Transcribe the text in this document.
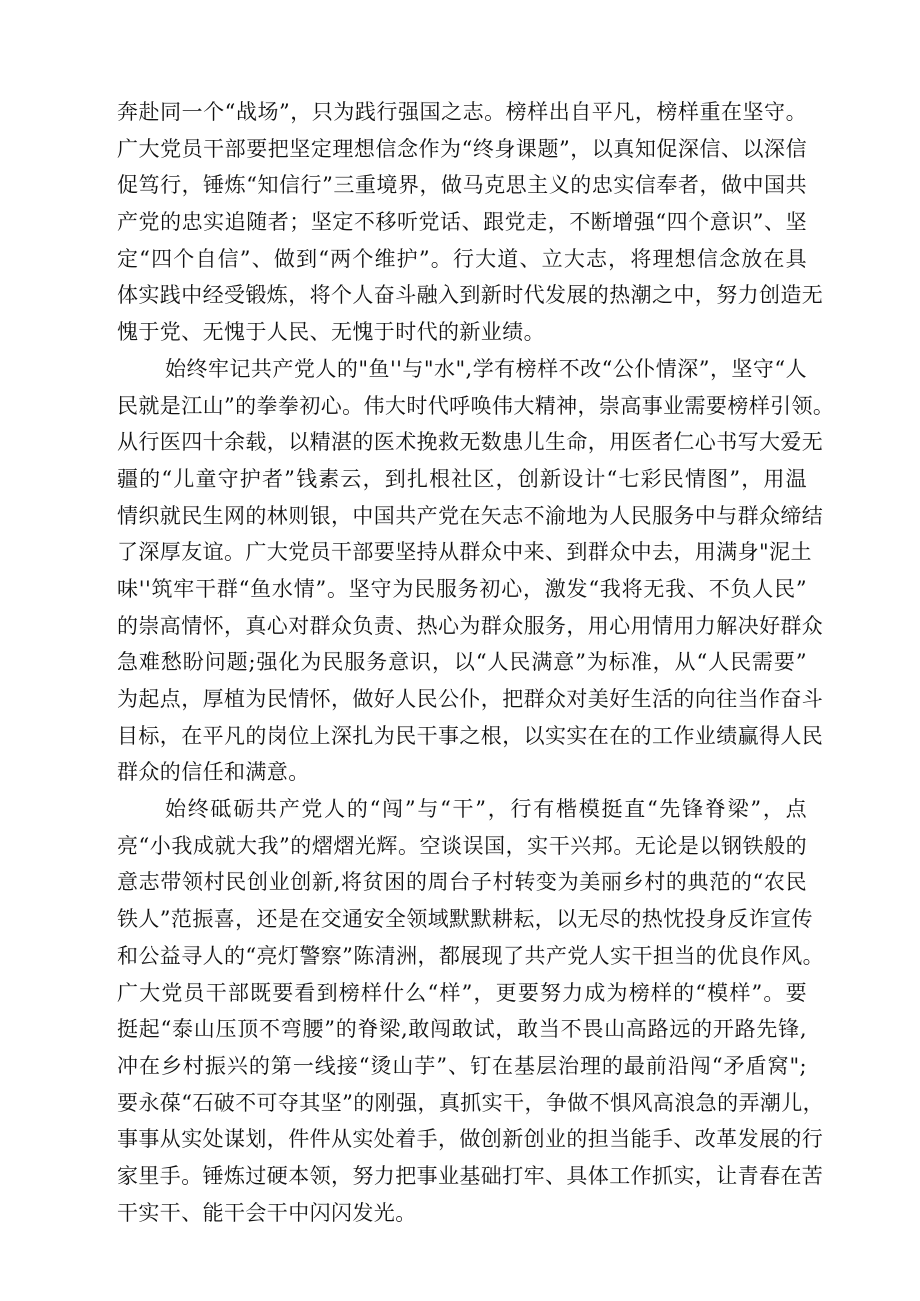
奔赴同一个“战场”，只为践行强国之志。榜样出自平凡，榜样重在坚守。
广大党员干部要把坚定理想信念作为“终身课题”，以真知促深信、以深信
促笃行，锤炼“知信行”三重境界，做马克思主义的忠实信奉者，做中国共
产党的忠实追随者；坚定不移听党话、跟党走，不断增强“四个意识”、坚
定“四个自信”、做到“两个维护”。行大道、立大志，将理想信念放在具
体实践中经受锻炼，将个人奋斗融入到新时代发展的热潮之中，努力创造无
愧于党、无愧于人民、无愧于时代的新业绩。
始终牢记共产党人的"鱼''与"水",学有榜样不改“公仆情深”，坚守“人
民就是江山”的拳拳初心。伟大时代呼唤伟大精神，崇高事业需要榜样引领。
从行医四十余载，以精湛的医术挽救无数患儿生命，用医者仁心书写大爱无
疆的“儿童守护者”钱素云，到扎根社区，创新设计“七彩民情图”，用温
情织就民生网的林则银，中国共产党在矢志不渝地为人民服务中与群众缔结
了深厚友谊。广大党员干部要坚持从群众中来、到群众中去，用满身"泥土
味''筑牢干群“鱼水情”。坚守为民服务初心，激发“我将无我、不负人民”
的崇高情怀，真心对群众负责、热心为群众服务，用心用情用力解决好群众
急难愁盼问题;强化为民服务意识，以“人民满意”为标准，从“人民需要”
为起点，厚植为民情怀，做好人民公仆，把群众对美好生活的向往当作奋斗
目标，在平凡的岗位上深扎为民干事之根，以实实在在的工作业绩赢得人民
群众的信任和满意。
始终砥砺共产党人的“闯”与“干”，行有楷模挺直“先锋脊梁”，点
亮“小我成就大我”的熠熠光辉。空谈误国，实干兴邦。无论是以钢铁般的
意志带领村民创业创新,将贫困的周台子村转变为美丽乡村的典范的“农民
铁人”范振喜，还是在交通安全领域默默耕耘，以无尽的热忱投身反诈宣传
和公益寻人的“亮灯警察”陈清洲，都展现了共产党人实干担当的优良作风。
广大党员干部既要看到榜样什么“样”，更要努力成为榜样的“模样”。要
挺起“泰山压顶不弯腰”的脊梁,敢闯敢试，敢当不畏山高路远的开路先锋,
冲在乡村振兴的第一线接“烫山芋”、钉在基层治理的最前沿闯“矛盾窝";
要永葆“石破不可夺其坚”的刚强，真抓实干，争做不惧风高浪急的弄潮儿，
事事从实处谋划，件件从实处着手，做创新创业的担当能手、改革发展的行
家里手。锤炼过硬本领，努力把事业基础打牢、具体工作抓实，让青春在苦
干实干、能干会干中闪闪发光。
